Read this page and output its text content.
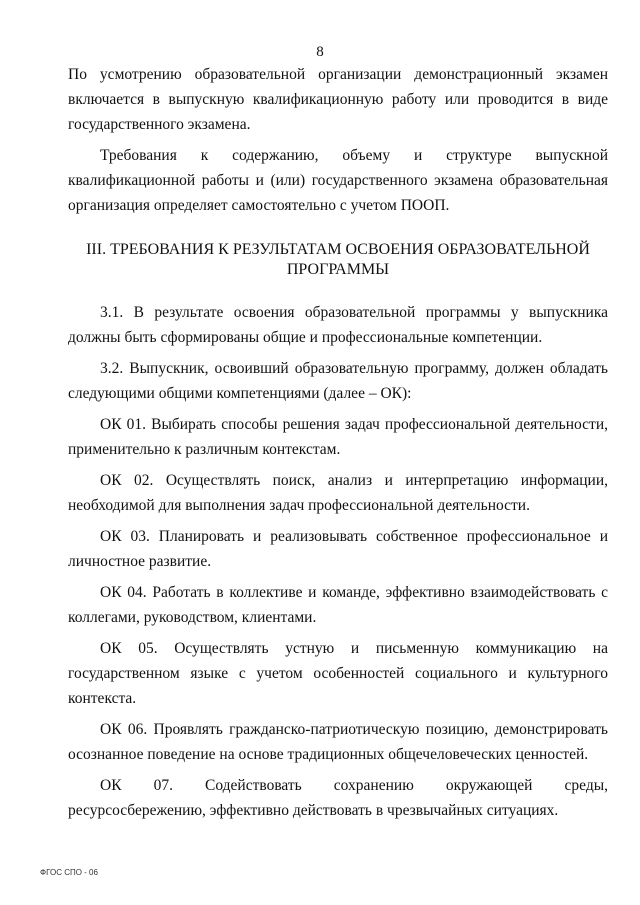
8

По усмотрению образовательной организации демонстрационный экзамен включается в выпускную квалификационную работу или проводится в виде государственного экзамена.

Требования к содержанию, объему и структуре выпускной квалификационной работы и (или) государственного экзамена образовательная организация определяет самостоятельно с учетом ПООП.

III. ТРЕБОВАНИЯ К РЕЗУЛЬТАТАМ ОСВОЕНИЯ ОБРАЗОВАТЕЛЬНОЙ ПРОГРАММЫ

3.1. В результате освоения образовательной программы у выпускника должны быть сформированы общие и профессиональные компетенции.

3.2. Выпускник, освоивший образовательную программу, должен обладать следующими общими компетенциями (далее – ОК):

ОК 01. Выбирать способы решения задач профессиональной деятельности, применительно к различным контекстам.

ОК 02. Осуществлять поиск, анализ и интерпретацию информации, необходимой для выполнения задач профессиональной деятельности.

ОК 03. Планировать и реализовывать собственное профессиональное и личностное развитие.

ОК 04. Работать в коллективе и команде, эффективно взаимодействовать с коллегами, руководством, клиентами.

ОК 05. Осуществлять устную и письменную коммуникацию на государственном языке с учетом особенностей социального и культурного контекста.

ОК 06. Проявлять гражданско-патриотическую позицию, демонстрировать осознанное поведение на основе традиционных общечеловеческих ценностей.

ОК 07. Содействовать сохранению окружающей среды, ресурсосбережению, эффективно действовать в чрезвычайных ситуациях.

ФГОС СПО - 06
